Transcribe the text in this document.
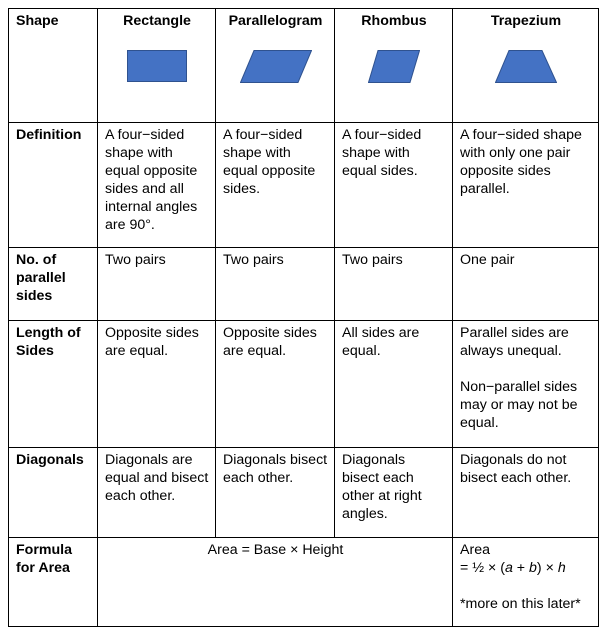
Shape	Rectangle	Parallelogram	Rhombus	Trapezium

Definition	A four−sided shape with equal opposite sides and all internal angles are 90°.	A four−sided shape with equal opposite sides.	A four−sided shape with equal sides.	A four−sided shape with only one pair opposite sides parallel.
No. of parallel sides	Two pairs	Two pairs	Two pairs	One pair
Length of Sides	Opposite sides are equal.	Opposite sides are equal.	All sides are equal.	Parallel sides are always unequal.
Non−parallel sides may or may not be equal.

Diagonals	Diagonals are equal and bisect each other.	Diagonals bisect each other.	Diagonals bisect each other at right angles.	Diagonals do not bisect each other.
Formula for Area	Area = Base × Height			Area
= ½ × (a + b) × h
*more on this later*
